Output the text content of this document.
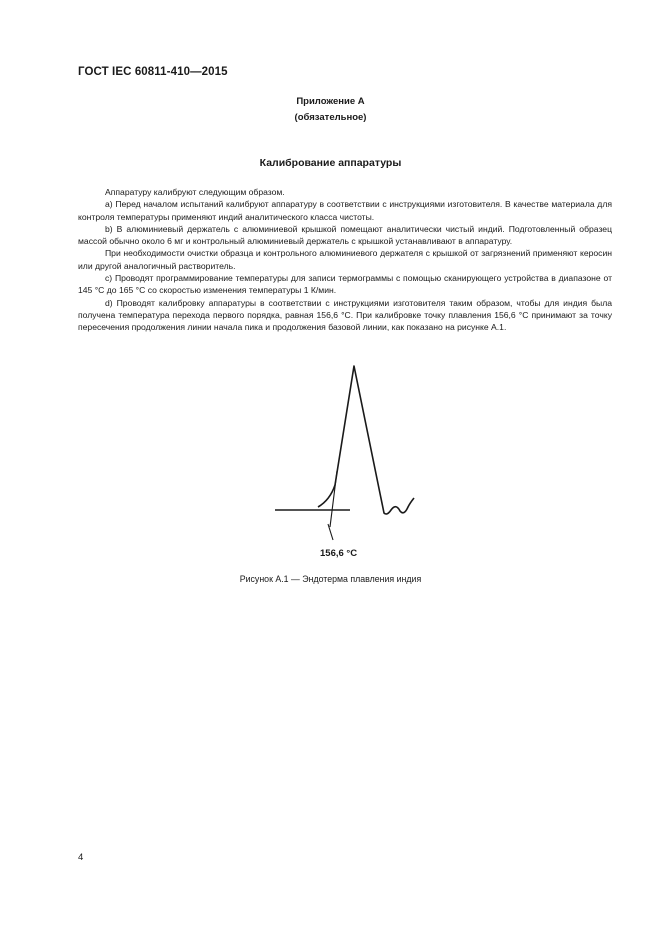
ГОСТ IEC 60811-410—2015
Приложение А
(обязательное)
Калибрование аппаратуры

Аппаратуру калибруют следующим образом.

а) Перед началом испытаний калибруют аппаратуру в соответствии с инструкциями изготовителя. В качестве материала для контроля температуры применяют индий аналитического класса чистоты.

b) В алюминиевый держатель с алюминиевой крышкой помещают аналитически чистый индий. Подготовленный образец массой обычно около 6 мг и контрольный алюминиевый держатель с крышкой устанавливают в аппаратуру.

При необходимости очистки образца и контрольного алюминиевого держателя с крышкой от загрязнений применяют керосин или другой аналогичный растворитель.

с) Проводят программирование температуры для записи термограммы с помощью сканирующего устройства в диапазоне от 145 °С до 165 °С со скоростью изменения температуры 1 К/мин.

d) Проводят калибровку аппаратуры в соответствии с инструкциями изготовителя таким образом, чтобы для индия была получена температура перехода первого порядка, равная 156,6 °С. При калибровке точку плавления 156,6 °С принимают за точку пересечения продолжения линии начала пика и продолжения базовой линии, как показано на рисунке А.1.

156,6 °C
Рисунок А.1 — Эндотерма плавления индия
4
